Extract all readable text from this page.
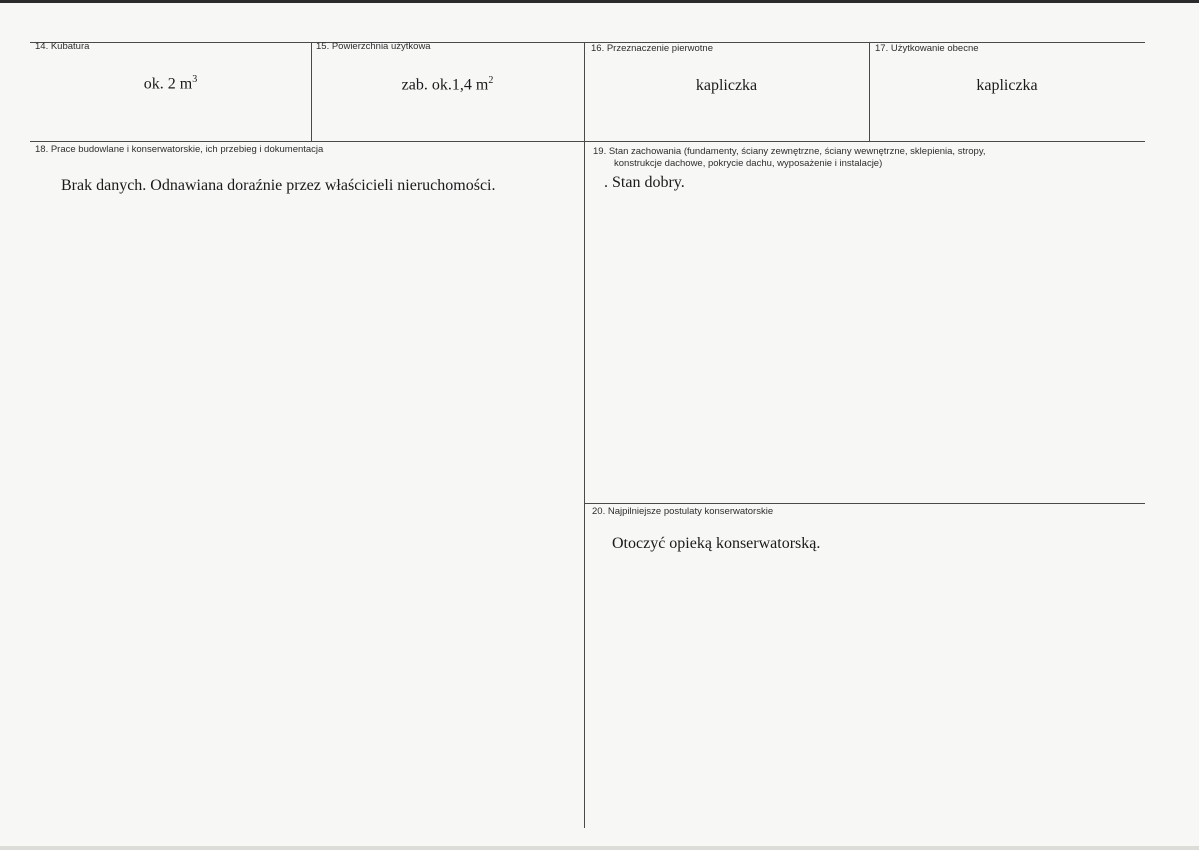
14. Kubatura
ok. 2 $m^3$
15. Powierzchnia użytkowa
zab. ok.1,4 $m^2$
16. Przeznaczenie pierwotne
kapliczka
17. Użytkowanie obecne
kapliczka
18. Prace budowlane i konserwatorskie, ich przebieg i dokumentacja
Brak danych. Odnawiana doraźnie przez właścicieli nieruchomości.
19. Stan zachowania (fundamenty, ściany zewnętrzne, ściany wewnętrzne, sklepienia, stropy,
konstrukcje dachowe, pokrycie dachu, wyposażenie i instalacje)
. Stan dobry.
20. Najpilniejsze postulaty konserwatorskie
Otoczyć opieką konserwatorską.
